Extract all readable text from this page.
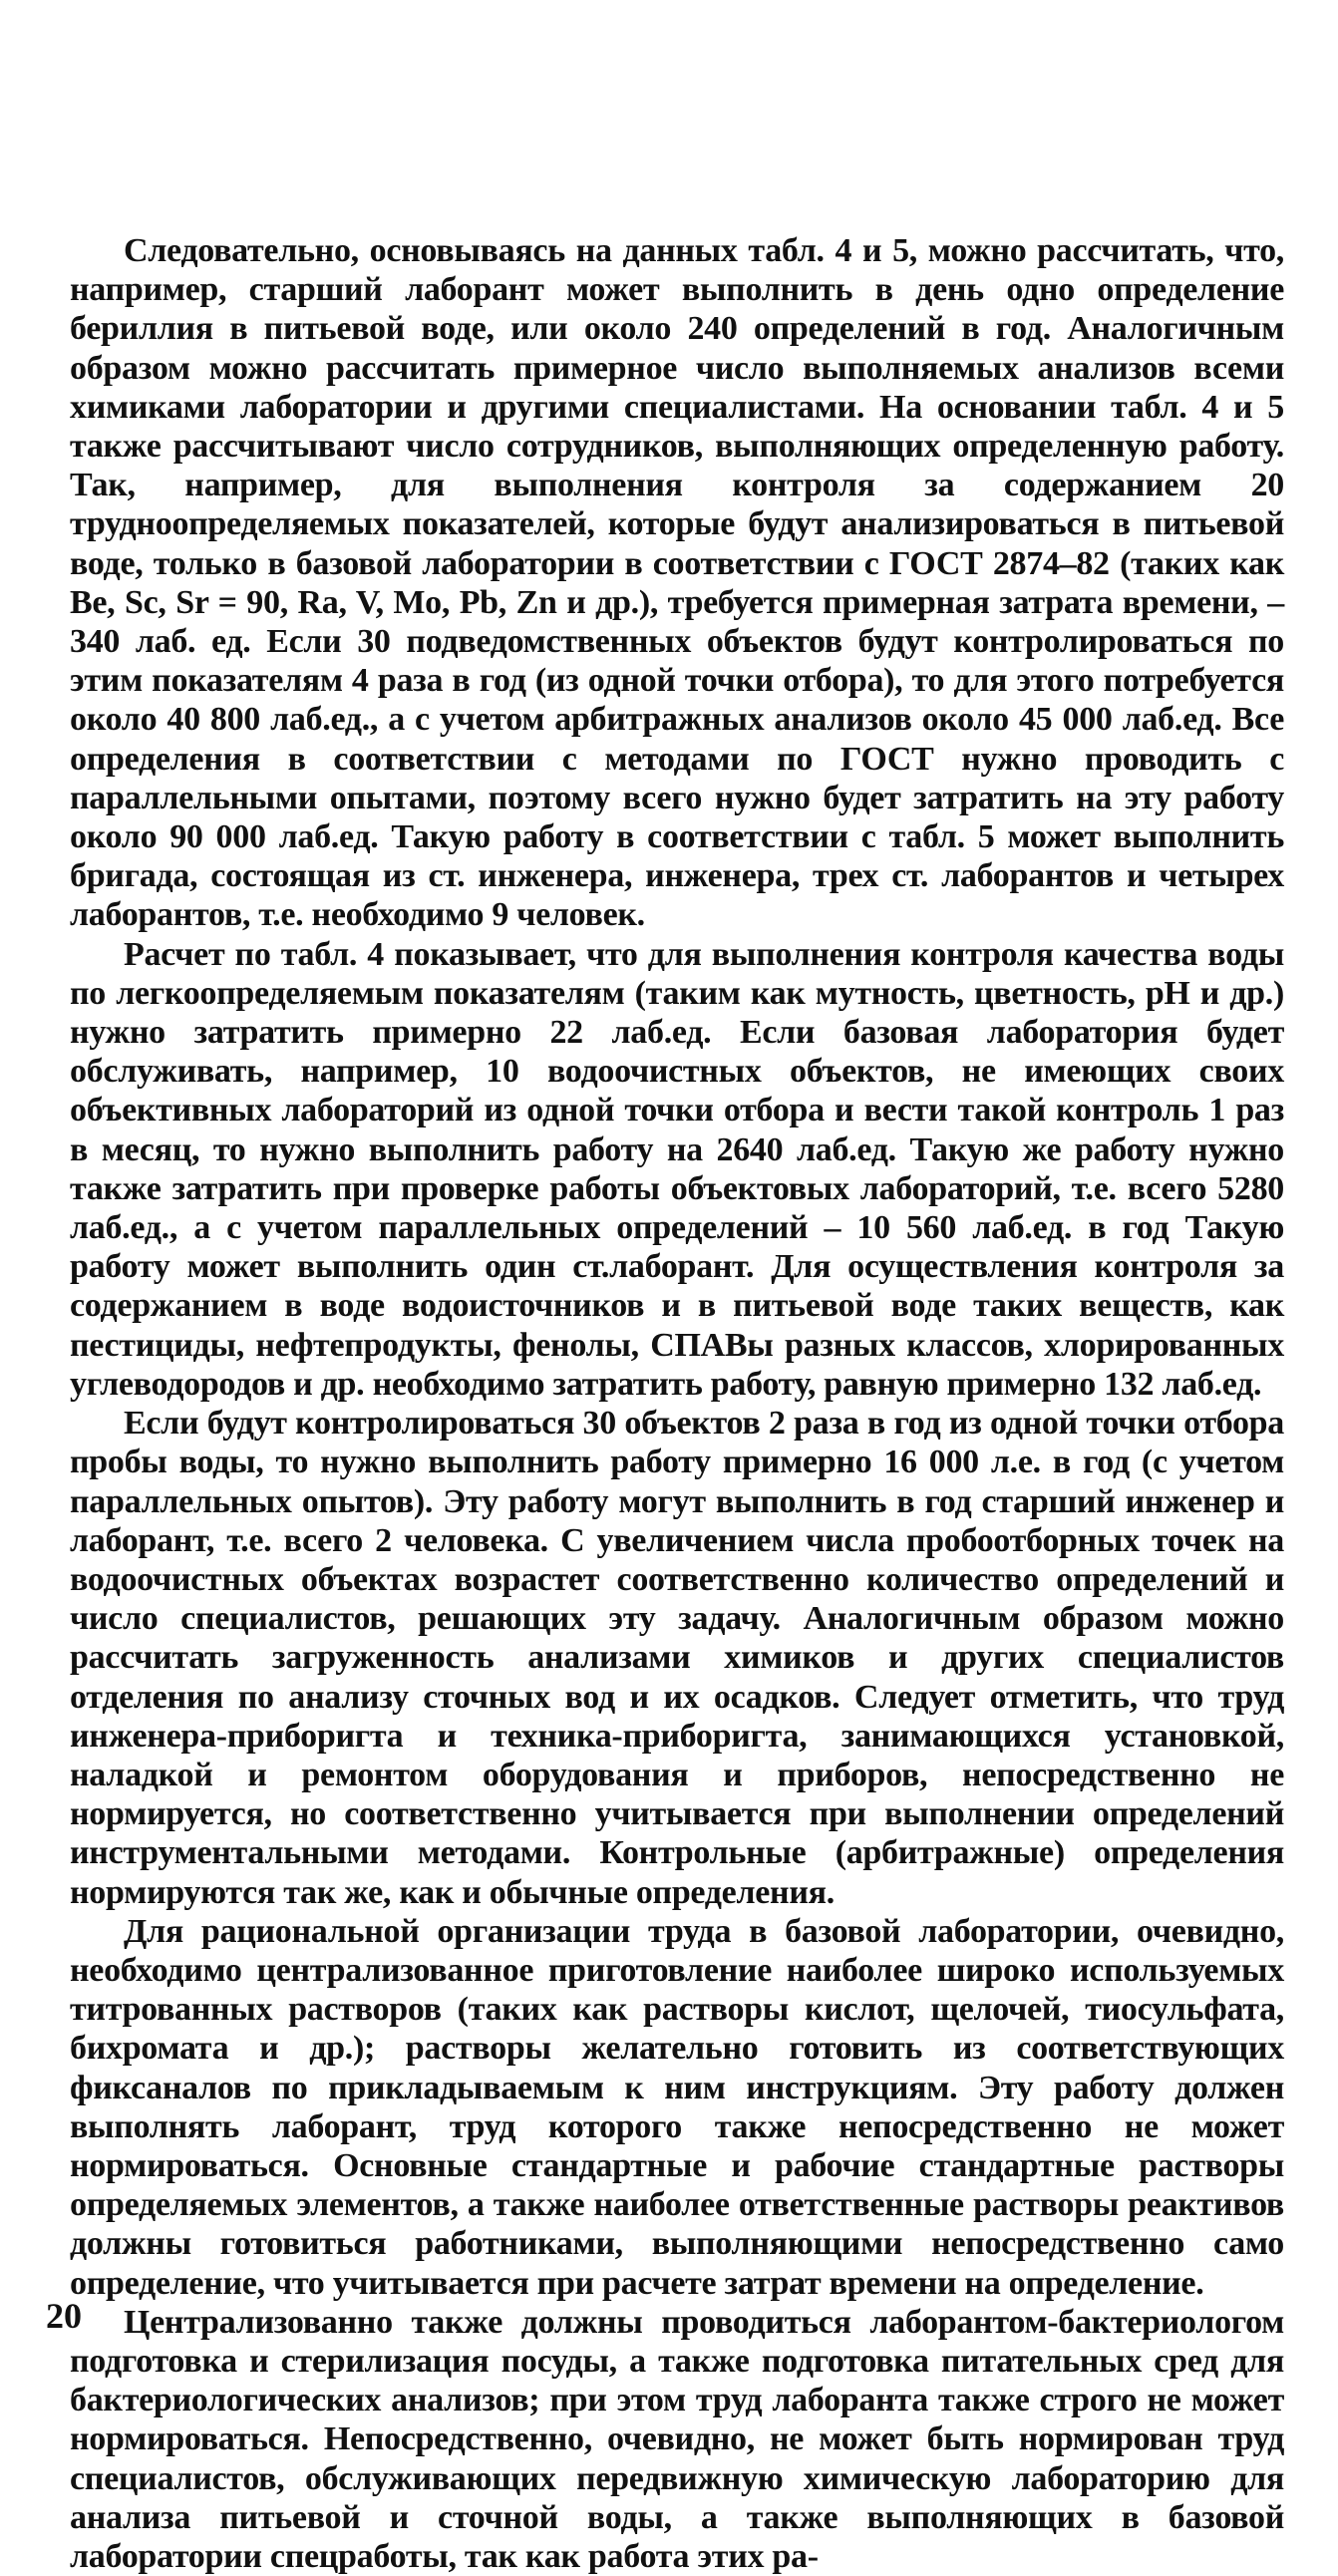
Следовательно, основываясь на данных табл. 4 и 5, можно рассчитать, что, например, старший лаборант может выполнить в день одно определение бериллия в питьевой воде, или около 240 определений в год. Аналогичным образом можно рассчитать примерное число выполняемых анализов всеми химиками лаборатории и другими специалистами. На основании табл. 4 и 5 также рассчитывают число сотрудников, выполняющих определенную работу. Так, например, для выполнения контроля за содержанием 20 трудноопределяемых показателей, которые будут анализироваться в питьевой воде, только в базовой лаборатории в соответствии с ГОСТ 2874–82 (таких как Be, Sc, Sr = 90, Ra, V, Mo, Pb, Zn и др.), требуется примерная затрата времени, – 340 лаб. ед. Если 30 подведомственных объектов будут контролироваться по этим показателям 4 раза в год (из одной точки отбора), то для этого потребуется около 40 800 лаб.ед., а с учетом арбитражных анализов около 45 000 лаб.ед. Все определения в соответствии с методами по ГОСТ нужно проводить с параллельными опытами, поэтому всего нужно будет затратить на эту работу около 90 000 лаб.ед. Такую работу в соответствии с табл. 5 может выполнить бригада, состоящая из ст. инженера, инженера, трех ст. лаборантов и четырех лаборантов, т.е. необходимо 9 человек.

Расчет по табл. 4 показывает, что для выполнения контроля качества воды по легкоопределяемым показателям (таким как мутность, цветность, pH и др.) нужно затратить примерно 22 лаб.ед. Если базовая лаборатория будет обслуживать, например, 10 водоочистных объектов, не имеющих своих объективных лабораторий из одной точки отбора и вести такой контроль 1 раз в месяц, то нужно выполнить работу на 2640 лаб.ед. Такую же работу нужно также затратить при проверке работы объектовых лабораторий, т.е. всего 5280 лаб.ед., а с учетом параллельных определений – 10 560 лаб.ед. в год Такую работу может выполнить один ст.лаборант. Для осуществления контроля за содержанием в воде водоисточников и в питьевой воде таких веществ, как пестициды, нефтепродукты, фенолы, СПАВы разных классов, хлорированных углеводородов и др. необходимо затратить работу, равную примерно 132 лаб.ед.

Если будут контролироваться 30 объектов 2 раза в год из одной точки отбора пробы воды, то нужно выполнить работу примерно 16 000 л.е. в год (с учетом параллельных опытов). Эту работу могут выполнить в год старший инженер и лаборант, т.е. всего 2 человека. С увеличением числа пробоотборных точек на водоочистных объектах возрастет соответственно количество определений и число специалистов, решающих эту задачу. Аналогичным образом можно рассчитать загруженность анализами химиков и других специалистов отделения по анализу сточных вод и их осадков. Следует отметить, что труд инженера-приборигта и техника-приборигта, занимающихся установкой, наладкой и ремонтом оборудования и приборов, непосредственно не нормируется, но соответственно учитывается при выполнении определений инструментальными методами. Контрольные (арбитражные) определения нормируются так же, как и обычные определения.

Для рациональной организации труда в базовой лаборатории, очевидно, необходимо централизованное приготовление наиболее широко используемых титрованных растворов (таких как растворы кислот, щелочей, тиосульфата, бихромата и др.); растворы желательно готовить из соответствующих фиксаналов по прикладываемым к ним инструкциям. Эту работу должен выполнять лаборант, труд которого также непосредственно не может нормироваться. Основные стандартные и рабочие стандартные растворы определяемых элементов, а также наиболее ответственные растворы реактивов должны готовиться работниками, выполняющими непосредственно само определение, что учитывается при расчете затрат времени на определение.

Централизованно также должны проводиться лаборантом-бактериологом подготовка и стерилизация посуды, а также подготовка питательных сред для бактериологических анализов; при этом труд лаборанта также строго не может нормироваться. Непосредственно, очевидно, не может быть нормирован труд специалистов, обслуживающих передвижную химическую лабораторию для анализа питьевой и сточной воды, а также выполняющих в базовой лаборатории спецработы, так как работа этих ра-

20
